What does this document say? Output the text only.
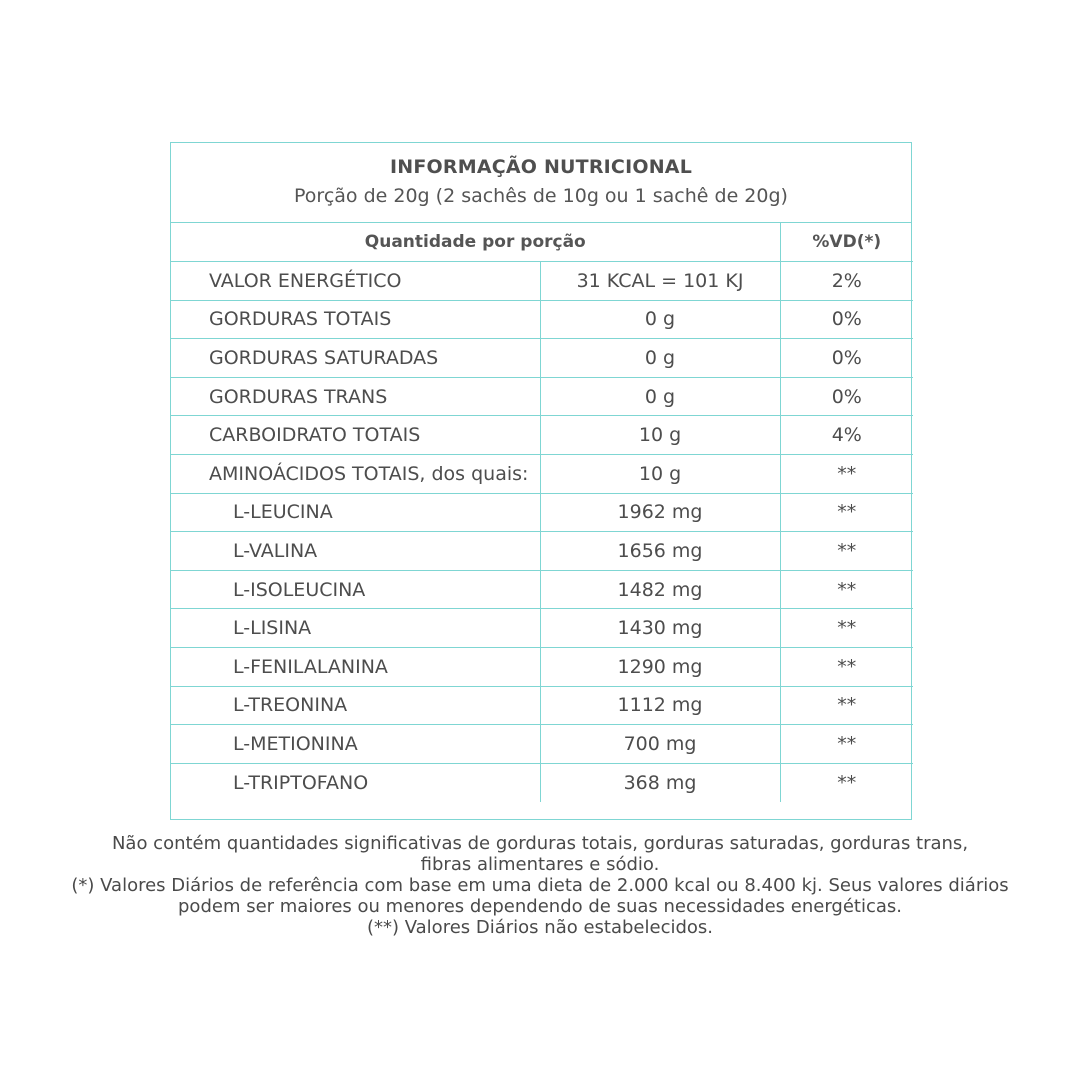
INFORMAÇÃO NUTRICIONAL
Porção de 20g (2 sachês de 10g ou 1 sachê de 20g)
Quantidade por porção		%VD(*)
VALOR ENERGÉTICO	31 KCAL = 101 KJ	2%
GORDURAS TOTAIS	0 g	0%
GORDURAS SATURADAS	0 g	0%
GORDURAS TRANS	0 g	0%
CARBOIDRATO TOTAIS	10 g	4%
AMINOÁCIDOS TOTAIS, dos quais:	10 g	**
L-LEUCINA	1962 mg	**
L-VALINA	1656 mg	**
L-ISOLEUCINA	1482 mg	**
L-LISINA	1430 mg	**
L-FENILALANINA	1290 mg	**
L-TREONINA	1112 mg	**
L-METIONINA	700 mg	**
L-TRIPTOFANO	368 mg	**

Não contém quantidades significativas de gorduras totais, gorduras saturadas, gorduras trans,

fibras alimentares e sódio.

(*) Valores Diários de referência com base em uma dieta de 2.000 kcal ou 8.400 kj. Seus valores diários

podem ser maiores ou menores dependendo de suas necessidades energéticas.

(**) Valores Diários não estabelecidos.
